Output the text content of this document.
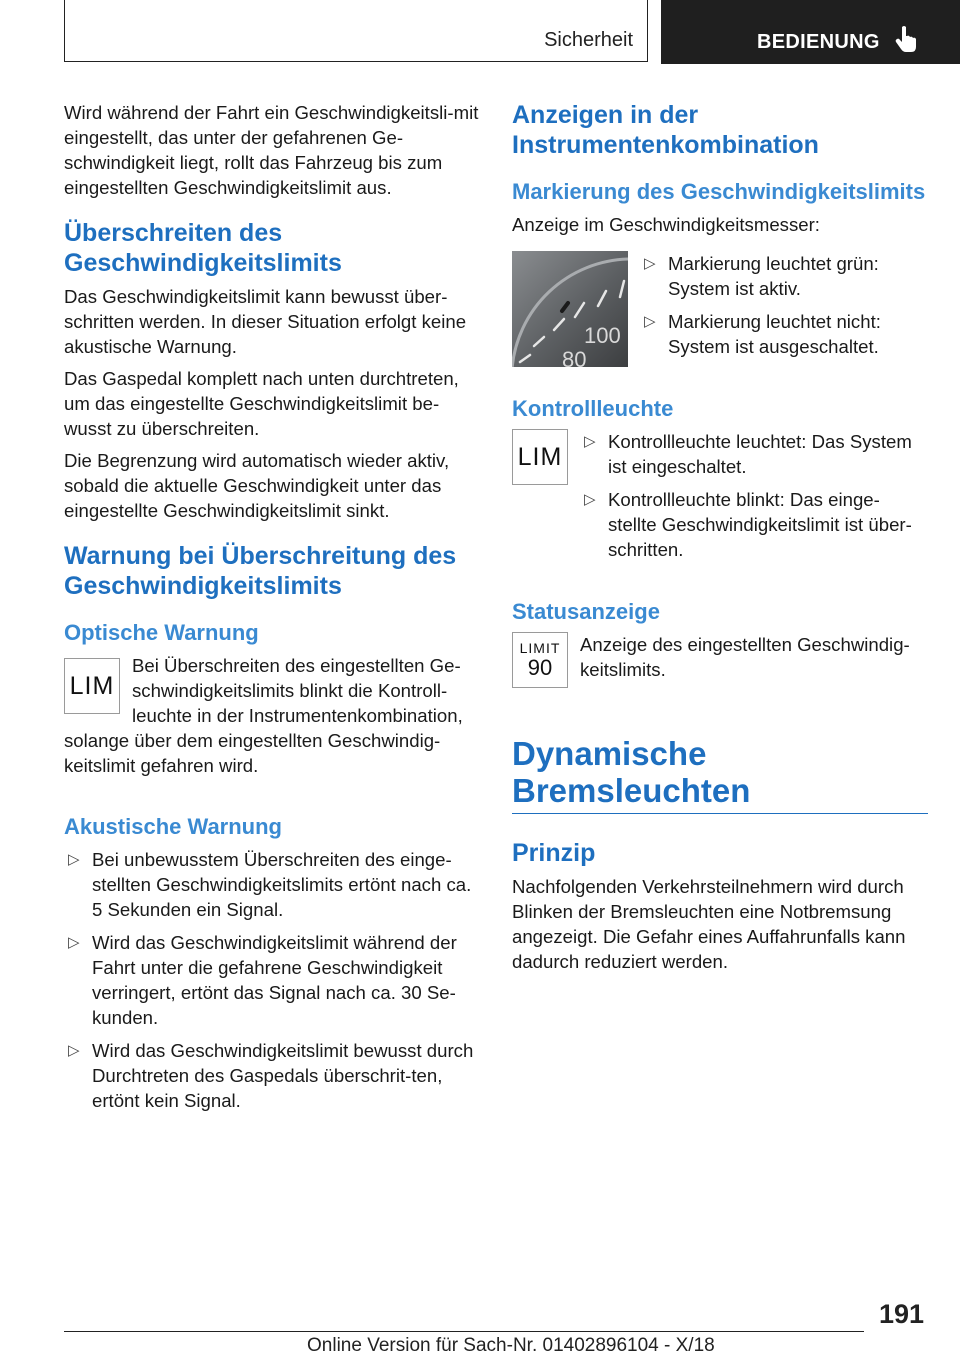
Sicherheit	BEDIENUNG

Wird während der Fahrt ein Geschwindigkeitsli-mit eingestellt, das unter der gefahrenen Ge-schwindigkeit liegt, rollt das Fahrzeug bis zum eingestellten Geschwindigkeitslimit aus.

Überschreiten des Geschwindigkeitslimits

Das Geschwindigkeitslimit kann bewusst über-schritten werden. In dieser Situation erfolgt keine akustische Warnung.

Das Gaspedal komplett nach unten durchtreten, um das eingestellte Geschwindigkeitslimit be-wusst zu überschreiten.

Die Begrenzung wird automatisch wieder aktiv, sobald die aktuelle Geschwindigkeit unter das eingestellte Geschwindigkeitslimit sinkt.

Warnung bei Überschreitung des Geschwindigkeitslimits
Optische Warnung
LIM

Bei Überschreiten des eingestellten Ge-schwindigkeitslimits blinkt die Kontroll-leuchte in der Instrumentenkombination, solange über dem eingestellten Geschwindig-keitslimit gefahren wird.

Akustische Warnung
▷ Bei unbewusstem Überschreiten des einge-stellten Geschwindigkeitslimits ertönt nach ca. 5 Sekunden ein Signal.
▷ Wird das Geschwindigkeitslimit während der Fahrt unter die gefahrene Geschwindigkeit verringert, ertönt das Signal nach ca. 30 Se-kunden.
▷ Wird das Geschwindigkeitslimit bewusst durch Durchtreten des Gaspedals überschrit-ten, ertönt kein Signal.
Anzeigen in der Instrumentenkombination
Markierung des Geschwindigkeitslimits

Anzeige im Geschwindigkeitsmesser:

100
80
▷ Markierung leuchtet grün: System ist aktiv.
▷ Markierung leuchtet nicht: System ist ausgeschaltet.
Kontrollleuchte
LIM
▷ Kontrollleuchte leuchtet: Das System ist eingeschaltet.
▷ Kontrollleuchte blinkt: Das einge-stellte Geschwindigkeitslimit ist über-schritten.
Statusanzeige
LIMIT
90

Anzeige des eingestellten Geschwindig-keitslimits.

Dynamische Bremsleuchten
Prinzip

Nachfolgenden Verkehrsteilnehmern wird durch Blinken der Bremsleuchten eine Notbremsung angezeigt. Die Gefahr eines Auffahrunfalls kann dadurch reduziert werden.

191
Online Version für Sach-Nr. 01402896104 - X/18
